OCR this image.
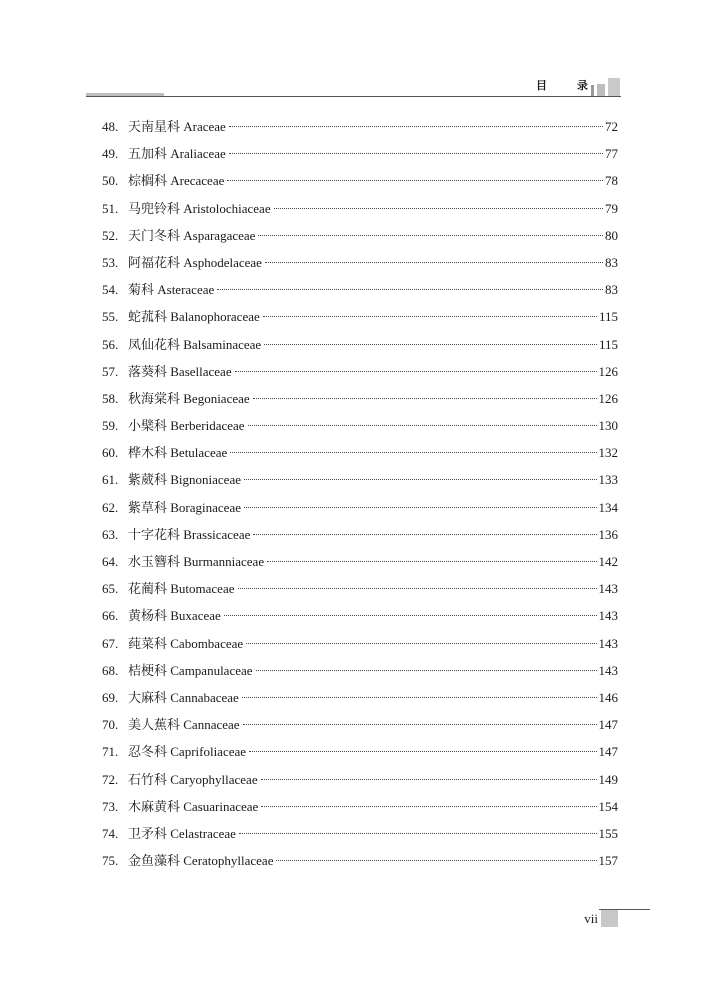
目	录
48. 天南星科 Araceae	72
49. 五加科 Araliaceae	77
50. 棕榈科 Arecaceae	78
51. 马兜铃科 Aristolochiaceae	79
52. 天门冬科 Asparagaceae	80
53. 阿福花科 Asphodelaceae	83
54. 菊科 Asteraceae	83
55. 蛇菰科 Balanophoraceae	115
56. 凤仙花科 Balsaminaceae	115
57. 落葵科 Basellaceae	126
58. 秋海棠科 Begoniaceae	126
59. 小檗科 Berberidaceae	130
60. 桦木科 Betulaceae	132
61. 紫葳科 Bignoniaceae	133
62. 紫草科 Boraginaceae	134
63. 十字花科 Brassicaceae	136
64. 水玉簪科 Burmanniaceae	142
65. 花蔺科 Butomaceae	143
66. 黄杨科 Buxaceae	143
67. 莼菜科 Cabombaceae	143
68. 桔梗科 Campanulaceae	143
69. 大麻科 Cannabaceae	146
70. 美人蕉科 Cannaceae	147
71. 忍冬科 Caprifoliaceae	147
72. 石竹科 Caryophyllaceae	149
73. 木麻黄科 Casuarinaceae	154
74. 卫矛科 Celastraceae	155
75. 金鱼藻科 Ceratophyllaceae	157
vii
